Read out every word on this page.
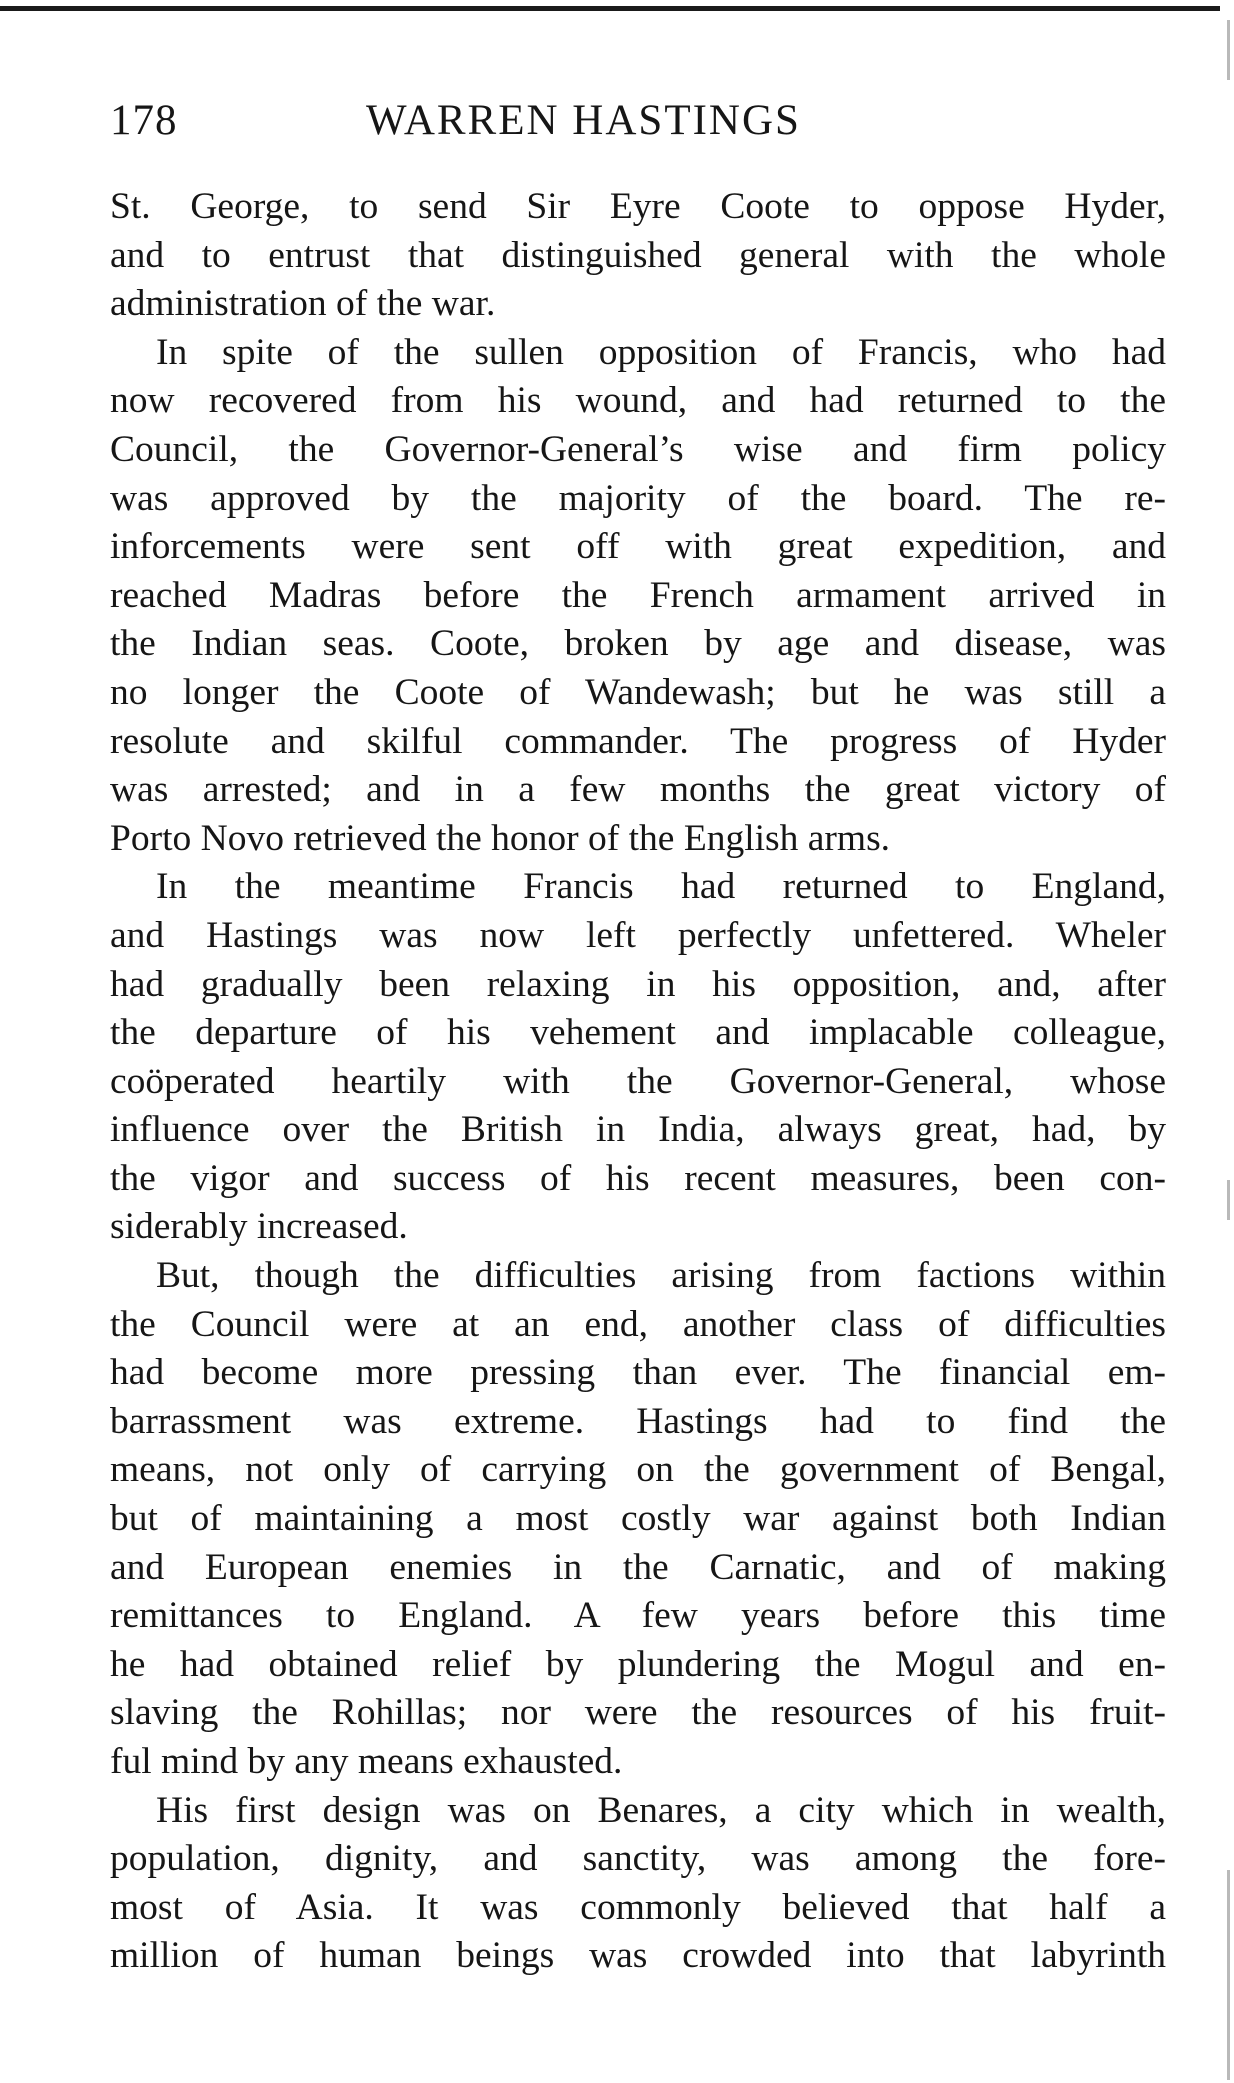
178	WARREN HASTINGS
St. George, to send Sir Eyre Coote to oppose Hyder,
and to entrust that distinguished general with the whole
administration of the war.
In spite of the sullen opposition of Francis, who had
now recovered from his wound, and had returned to the
Council, the Governor-General’s wise and firm policy
was approved by the majority of the board. The re-
inforcements were sent off with great expedition, and
reached Madras before the French armament arrived in
the Indian seas. Coote, broken by age and disease, was
no longer the Coote of Wandewash; but he was still a
resolute and skilful commander. The progress of Hyder
was arrested; and in a few months the great victory of
Porto Novo retrieved the honor of the English arms.
In the meantime Francis had returned to England,
and Hastings was now left perfectly unfettered. Wheler
had gradually been relaxing in his opposition, and, after
the departure of his vehement and implacable colleague,
coöperated heartily with the Governor-General, whose
influence over the British in India, always great, had, by
the vigor and success of his recent measures, been con-
siderably increased.
But, though the difficulties arising from factions within
the Council were at an end, another class of difficulties
had become more pressing than ever. The financial em-
barrassment was extreme. Hastings had to find the
means, not only of carrying on the government of Bengal,
but of maintaining a most costly war against both Indian
and European enemies in the Carnatic, and of making
remittances to England. A few years before this time
he had obtained relief by plundering the Mogul and en-
slaving the Rohillas; nor were the resources of his fruit-
ful mind by any means exhausted.
His first design was on Benares, a city which in wealth,
population, dignity, and sanctity, was among the fore-
most of Asia. It was commonly believed that half a
million of human beings was crowded into that labyrinth
